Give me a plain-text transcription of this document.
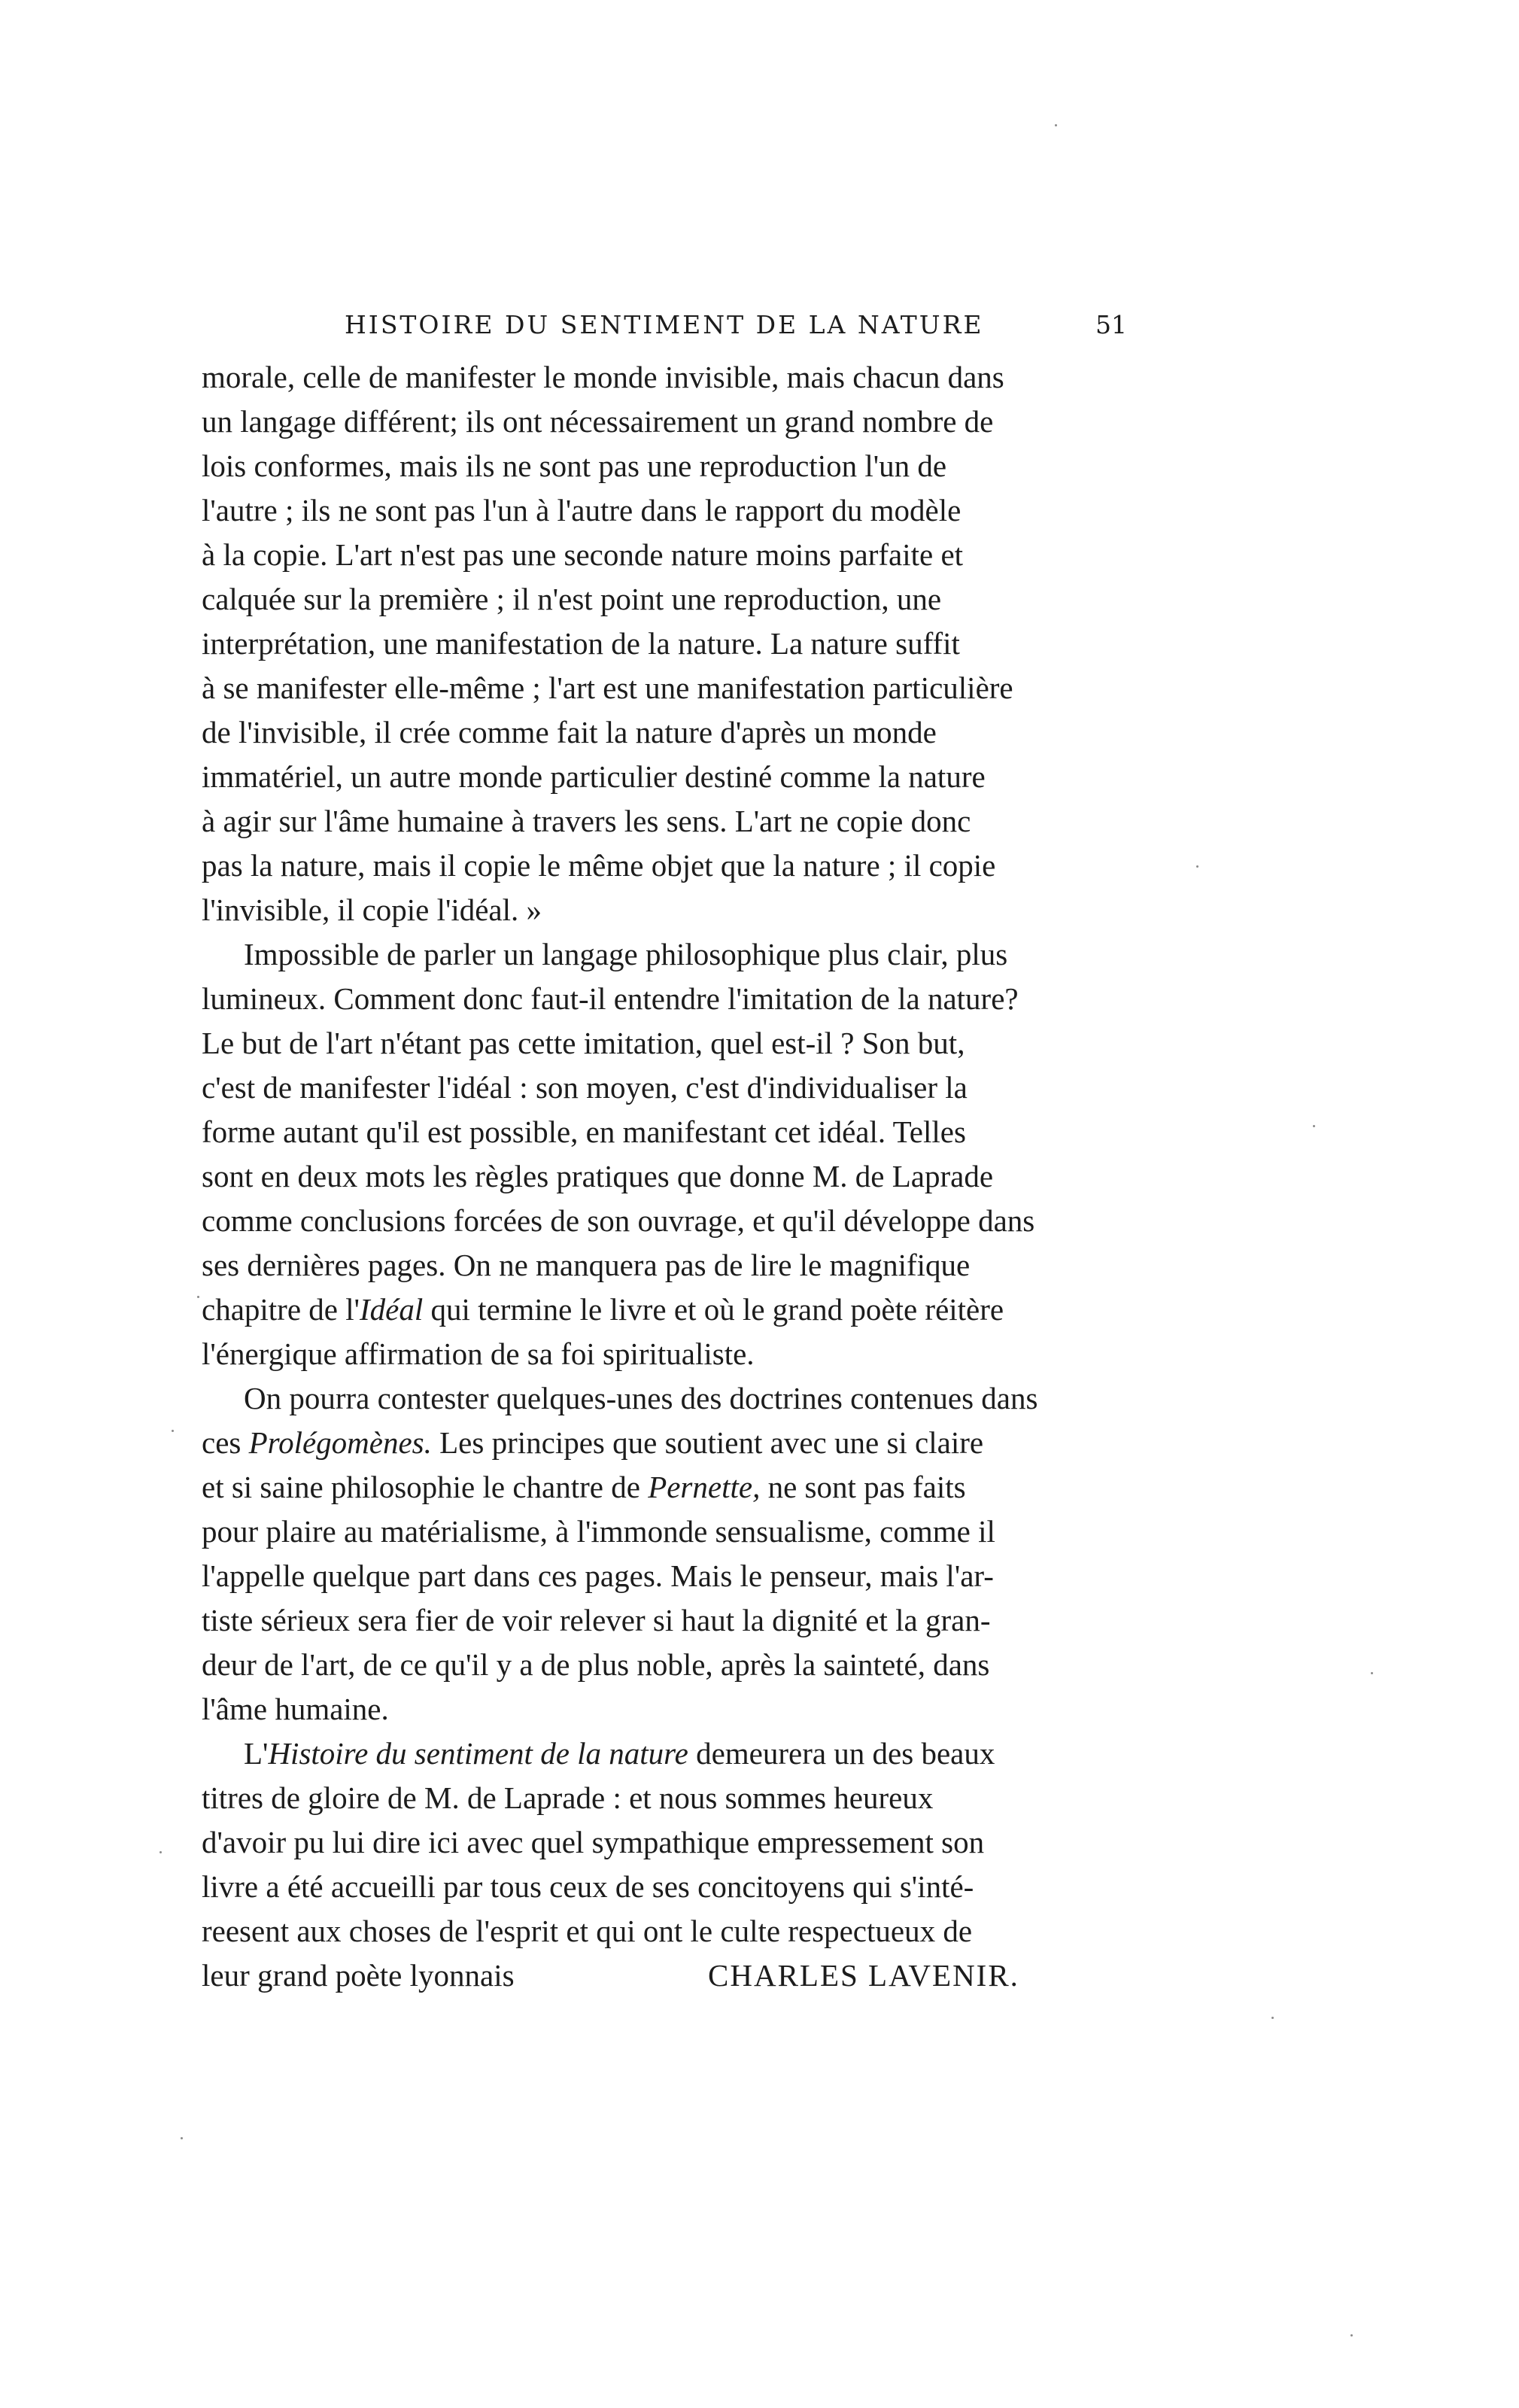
HISTOIRE DU SENTIMENT DE LA NATURE	51
morale, celle de manifester le monde invisible, mais chacun dans
un langage différent; ils ont nécessairement un grand nombre de
lois conformes, mais ils ne sont pas une reproduction l'un de
l'autre ; ils ne sont pas l'un à l'autre dans le rapport du modèle
à la copie. L'art n'est pas une seconde nature moins parfaite et
calquée sur la première ; il n'est point une reproduction, une
interprétation, une manifestation de la nature. La nature suffit
à se manifester elle-même ; l'art est une manifestation particulière
de l'invisible, il crée comme fait la nature d'après un monde
immatériel, un autre monde particulier destiné comme la nature
à agir sur l'âme humaine à travers les sens. L'art ne copie donc
pas la nature, mais il copie le même objet que la nature ; il copie
l'invisible, il copie l'idéal. »
Impossible de parler un langage philosophique plus clair, plus
lumineux. Comment donc faut-il entendre l'imitation de la nature?
Le but de l'art n'étant pas cette imitation, quel est-il ? Son but,
c'est de manifester l'idéal : son moyen, c'est d'individualiser la
forme autant qu'il est possible, en manifestant cet idéal. Telles
sont en deux mots les règles pratiques que donne M. de Laprade
comme conclusions forcées de son ouvrage, et qu'il développe dans
ses dernières pages. On ne manquera pas de lire le magnifique
chapitre de l'Idéal qui termine le livre et où le grand poète réitère
l'énergique affirmation de sa foi spiritualiste.
On pourra contester quelques-unes des doctrines contenues dans
ces Prolégomènes. Les principes que soutient avec une si claire
et si saine philosophie le chantre de Pernette, ne sont pas faits
pour plaire au matérialisme, à l'immonde sensualisme, comme il
l'appelle quelque part dans ces pages. Mais le penseur, mais l'ar-
tiste sérieux sera fier de voir relever si haut la dignité et la gran-
deur de l'art, de ce qu'il y a de plus noble, après la sainteté, dans
l'âme humaine.
L'Histoire du sentiment de la nature demeurera un des beaux
titres de gloire de M. de Laprade : et nous sommes heureux
d'avoir pu lui dire ici avec quel sympathique empressement son
livre a été accueilli par tous ceux de ses concitoyens qui s'inté-
reesent aux choses de l'esprit et qui ont le culte respectueux de
leur grand poète lyonnais	CHARLES LAVENIR.
